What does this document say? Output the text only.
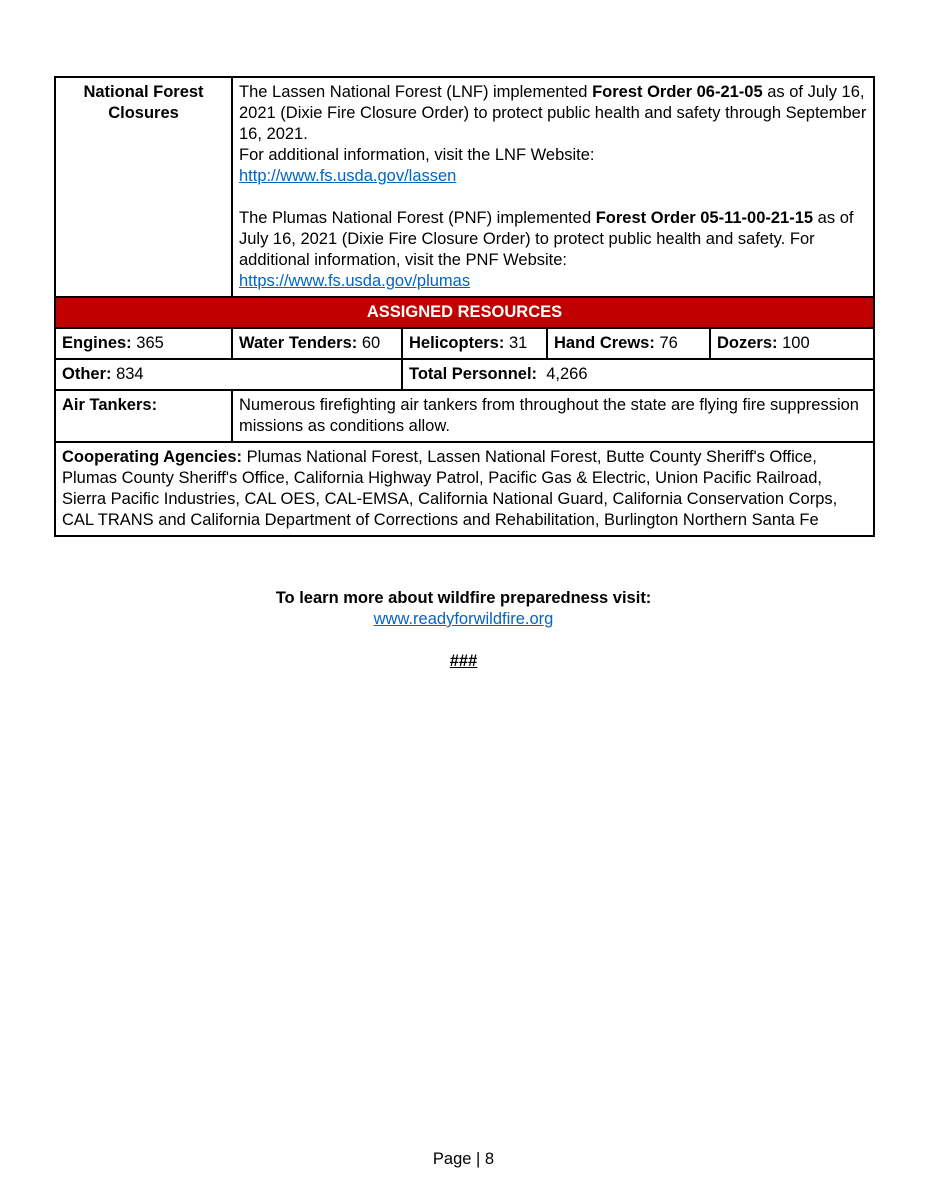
National Forest Closures	The Lassen National Forest (LNF) implemented Forest Order 06-21-05 as of July 16, 2021 (Dixie Fire Closure Order) to protect public health and safety through September 16, 2021.
For additional information, visit the LNF Website:
http://www.fs.usda.gov/lassen

The Plumas National Forest (PNF) implemented Forest Order 05-11-00-21-15 as of July 16, 2021 (Dixie Fire Closure Order) to protect public health and safety. For additional information, visit the PNF Website:
https://www.fs.usda.gov/plumas			

ASSIGNED RESOURCES				
Engines: 365	Water Tenders: 60	Helicopters: 31	Hand Crews: 76	Dozers: 100
Other: 834		Total Personnel:  4,266		
Air Tankers:	Numerous firefighting air tankers from throughout the state are flying fire suppression missions as conditions allow.			
Cooperating Agencies: Plumas National Forest, Lassen National Forest, Butte County Sheriff's Office, Plumas County Sheriff's Office, California Highway Patrol, Pacific Gas & Electric, Union Pacific Railroad, Sierra Pacific Industries, CAL OES, CAL-EMSA, California National Guard, California Conservation Corps, CAL TRANS and California Department of Corrections and Rehabilitation, Burlington Northern Santa Fe				
To learn more about wildfire preparedness visit:
www.readyforwildfire.org
###
Page | 8
